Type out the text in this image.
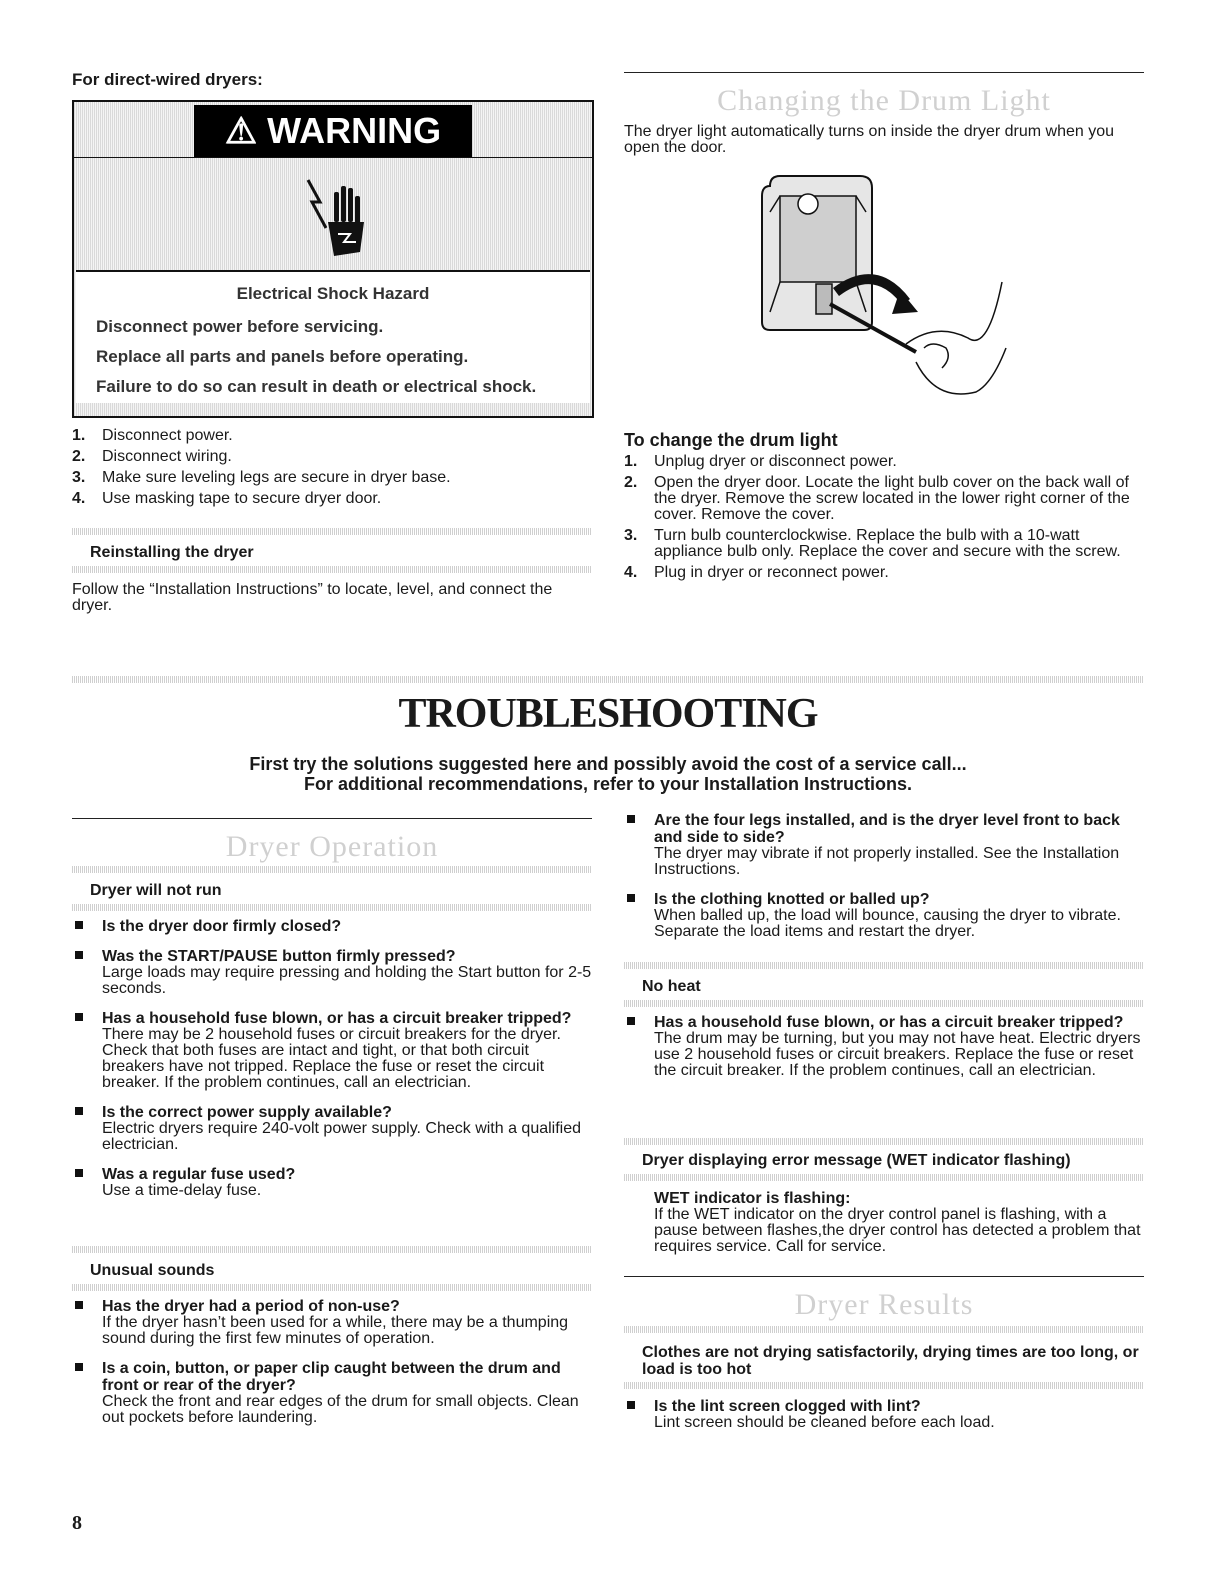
For direct-wired dryers:
⚠ WARNING
Electrical Shock Hazard
Disconnect power before servicing.
Replace all parts and panels before operating.
Failure to do so can result in death or electrical shock.
1. Disconnect power.
2. Disconnect wiring.
3. Make sure leveling legs are secure in dryer base.
4. Use masking tape to secure dryer door.
Reinstalling the dryer
Follow the “Installation Instructions” to locate, level, and connect the dryer.
Changing the Drum Light
The dryer light automatically turns on inside the dryer drum when you open the door.
To change the drum light
1. Unplug dryer or disconnect power.
2. Open the dryer door. Locate the light bulb cover on the back wall of the dryer. Remove the screw located in the lower right corner of the cover. Remove the cover.
3. Turn bulb counterclockwise. Replace the bulb with a 10-watt appliance bulb only. Replace the cover and secure with the screw.
4. Plug in dryer or reconnect power.
TROUBLESHOOTING
First try the solutions suggested here and possibly avoid the cost of a service call...
For additional recommendations, refer to your Installation Instructions.
Dryer Operation
Dryer will not run
Is the dryer door firmly closed?
Was the START/PAUSE button firmly pressed?
Large loads may require pressing and holding the Start button for 2-5 seconds.
Has a household fuse blown, or has a circuit breaker tripped?
There may be 2 household fuses or circuit breakers for the dryer. Check that both fuses are intact and tight, or that both circuit breakers have not tripped. Replace the fuse or reset the circuit breaker. If the problem continues, call an electrician.
Is the correct power supply available?
Electric dryers require 240-volt power supply. Check with a qualified electrician.
Was a regular fuse used?
Use a time-delay fuse.
Unusual sounds
Has the dryer had a period of non-use?
If the dryer hasn’t been used for a while, there may be a thumping sound during the first few minutes of operation.
Is a coin, button, or paper clip caught between the drum and front or rear of the dryer?
Check the front and rear edges of the drum for small objects. Clean out pockets before laundering.
Are the four legs installed, and is the dryer level front to back and side to side?
The dryer may vibrate if not properly installed. See the Installation Instructions.
Is the clothing knotted or balled up?
When balled up, the load will bounce, causing the dryer to vibrate. Separate the load items and restart the dryer.
No heat
Has a household fuse blown, or has a circuit breaker tripped?
The drum may be turning, but you may not have heat. Electric dryers use 2 household fuses or circuit breakers. Replace the fuse or reset the circuit breaker. If the problem continues, call an electrician.
Dryer displaying error message (WET indicator flashing)
WET indicator is flashing:
If the WET indicator on the dryer control panel is flashing, with a pause between flashes,the dryer control has detected a problem that requires service. Call for service.
Dryer Results
Clothes are not drying satisfactorily, drying times are too long, or load is too hot
Is the lint screen clogged with lint?
Lint screen should be cleaned before each load.
8
